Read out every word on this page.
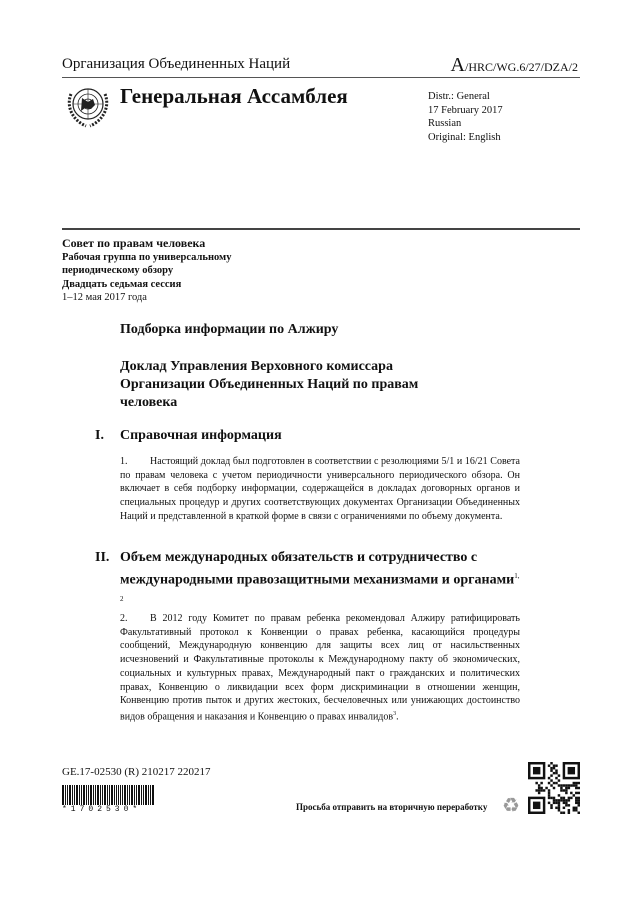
Организация Объединенных Наций	A/HRC/WG.6/27/DZA/2
Генеральная Ассамблея	Distr.: General
17 February 2017
Russian
Original: English
Совет по правам человека
Рабочая группа по универсальному
периодическому обзору
Двадцать седьмая сессия
1–12 мая 2017 года
Подборка информации по Алжиру
Доклад Управления Верховного комиссара Организации Объединенных Наций по правам человека
I. Справочная информация
1. Настоящий доклад был подготовлен в соответствии с резолюциями 5/1 и 16/21 Совета по правам человека с учетом периодичности универсального периодического обзора. Он включает в себя подборку информации, содержащейся в докладах договорных органов и специальных процедур и других соответствующих документах Организации Объединенных Наций и представленной в краткой форме в связи с ограничениями по объему документа.
II. Объем международных обязательств и сотрудничество с международными правозащитными механизмами и органами$^{1, 2}$
2. В 2012 году Комитет по правам ребенка рекомендовал Алжиру ратифицировать Факультативный протокол к Конвенции о правах ребенка, касающийся процедуры сообщений, Международную конвенцию для защиты всех лиц от насильственных исчезновений и Факультативные протоколы к Международному пакту об экономических, социальных и культурных правах, Международный пакт о гражданских и политических правах, Конвенцию о ликвидации всех форм дискриминации в отношении женщин, Конвенцию против пыток и других жестоких, бесчеловечных или унижающих достоинство видов обращения и наказания и Конвенцию о правах инвалидов$^3$.
GE.17-02530 (R) 210217 220217
*1702530*	Просьба отправить на вторичную переработку ♻
